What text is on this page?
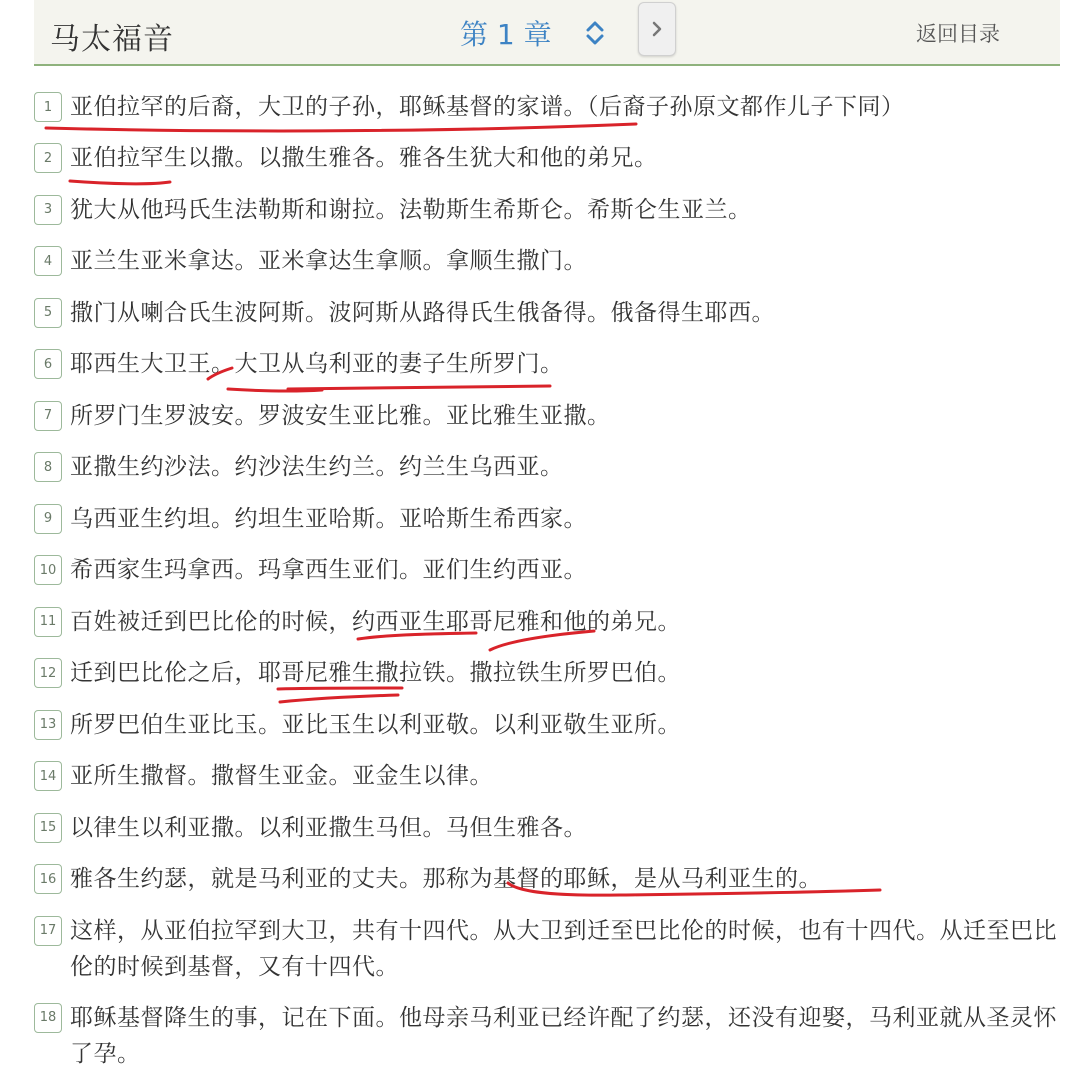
马太福音	第 1 章	返回目录
1 亚伯拉罕的后裔，大卫的子孙，耶稣基督的家谱。（后裔子孙原文都作儿子下同）
2 亚伯拉罕生以撒。以撒生雅各。雅各生犹大和他的弟兄。
3 犹大从他玛氏生法勒斯和谢拉。法勒斯生希斯仑。希斯仑生亚兰。
4 亚兰生亚米拿达。亚米拿达生拿顺。拿顺生撒门。
5 撒门从喇合氏生波阿斯。波阿斯从路得氏生俄备得。俄备得生耶西。
6 耶西生大卫王。大卫从乌利亚的妻子生所罗门。
7 所罗门生罗波安。罗波安生亚比雅。亚比雅生亚撒。
8 亚撒生约沙法。约沙法生约兰。约兰生乌西亚。
9 乌西亚生约坦。约坦生亚哈斯。亚哈斯生希西家。
10 希西家生玛拿西。玛拿西生亚们。亚们生约西亚。
11 百姓被迁到巴比伦的时候，约西亚生耶哥尼雅和他的弟兄。
12 迁到巴比伦之后，耶哥尼雅生撒拉铁。撒拉铁生所罗巴伯。
13 所罗巴伯生亚比玉。亚比玉生以利亚敬。以利亚敬生亚所。
14 亚所生撒督。撒督生亚金。亚金生以律。
15 以律生以利亚撒。以利亚撒生马但。马但生雅各。
16 雅各生约瑟，就是马利亚的丈夫。那称为基督的耶稣，是从马利亚生的。
17 这样，从亚伯拉罕到大卫，共有十四代。从大卫到迁至巴比伦的时候，也有十四代。从迁至巴比伦的时候到基督，又有十四代。
18 耶稣基督降生的事，记在下面。他母亲马利亚已经许配了约瑟，还没有迎娶，马利亚就从圣灵怀了孕。
